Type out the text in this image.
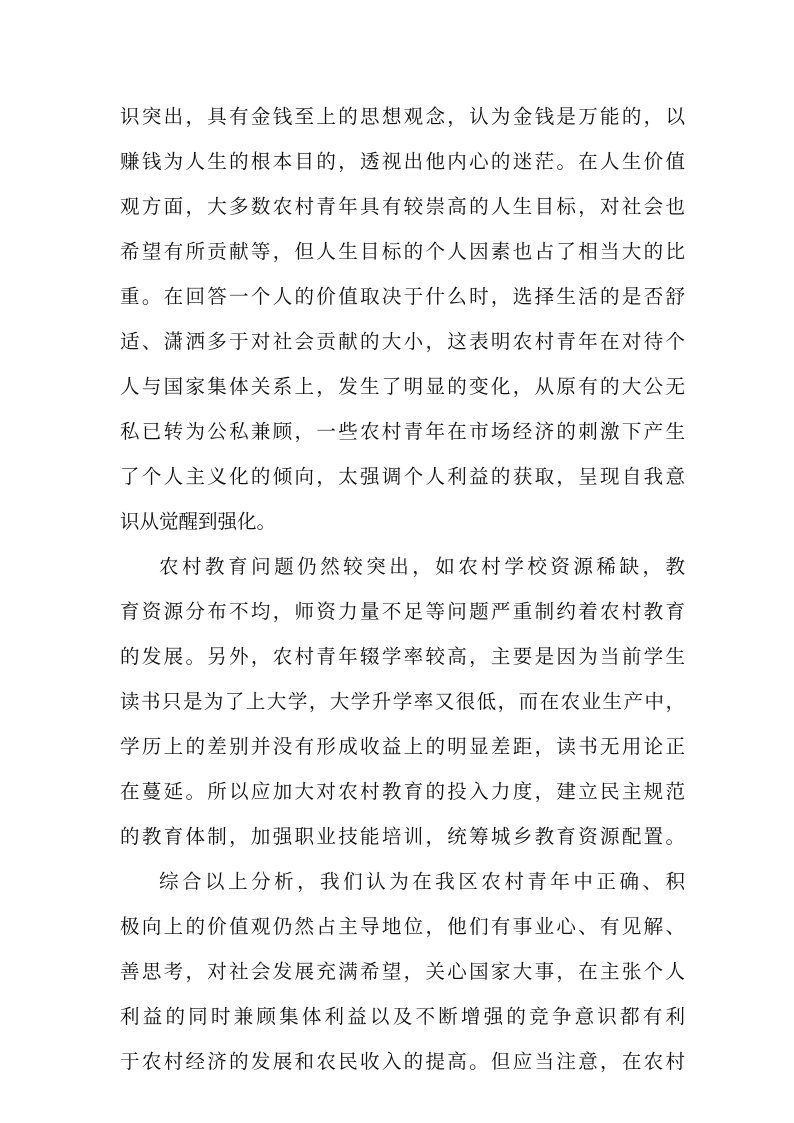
识突出，具有金钱至上的思想观念，认为金钱是万能的，以
赚钱为人生的根本目的，透视出他内心的迷茫。在人生价值
观方面，大多数农村青年具有较崇高的人生目标，对社会也
希望有所贡献等，但人生目标的个人因素也占了相当大的比
重。在回答一个人的价值取决于什么时，选择生活的是否舒
适、潇洒多于对社会贡献的大小，这表明农村青年在对待个
人与国家集体关系上，发生了明显的变化，从原有的大公无
私已转为公私兼顾，一些农村青年在市场经济的刺激下产生
了个人主义化的倾向，太强调个人利益的获取，呈现自我意
识从觉醒到强化。
农村教育问题仍然较突出，如农村学校资源稀缺，教
育资源分布不均，师资力量不足等问题严重制约着农村教育
的发展。另外，农村青年辍学率较高，主要是因为当前学生
读书只是为了上大学，大学升学率又很低，而在农业生产中，
学历上的差别并没有形成收益上的明显差距，读书无用论正
在蔓延。所以应加大对农村教育的投入力度，建立民主规范
的教育体制，加强职业技能培训，统筹城乡教育资源配置。
综合以上分析，我们认为在我区农村青年中正确、积
极向上的价值观仍然占主导地位，他们有事业心、有见解、
善思考，对社会发展充满希望，关心国家大事，在主张个人
利益的同时兼顾集体利益以及不断增强的竞争意识都有利
于农村经济的发展和农民收入的提高。但应当注意，在农村
